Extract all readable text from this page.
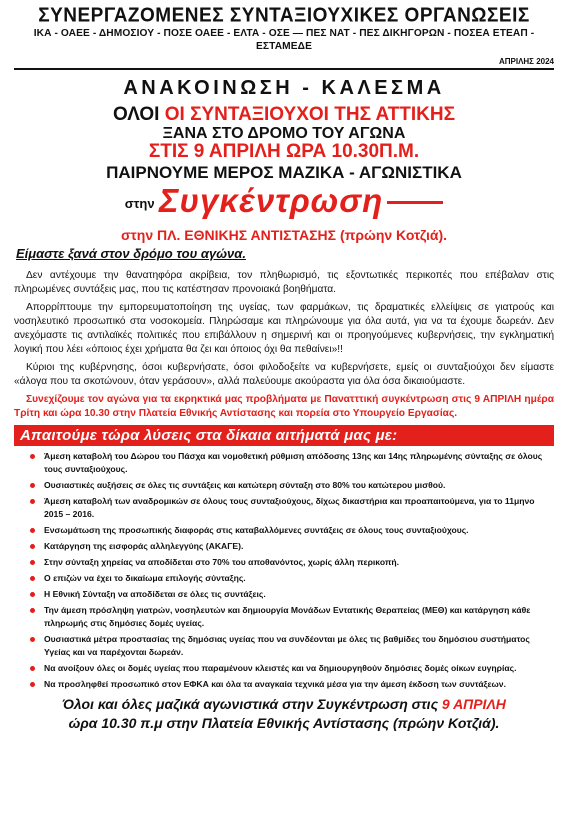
ΣΥΝΕΡΓΑΖΟΜΕΝΕΣ ΣΥΝΤΑΞΙΟΥΧΙΚΕΣ ΟΡΓΑΝΩΣΕΙΣ
ΙΚΑ - ΟΑΕΕ - ΔΗΜΟΣΙΟΥ - ΠΟΣΕ ΟΑΕΕ - ΕΛΤΑ - ΟΣΕ — ΠΕΣ ΝΑΤ - ΠΕΣ ΔΙΚΗΓΟΡΩΝ - ΠΟΣΕΑ ΕΤΕΑΠ - ΕΣΤΑΜΕΔΕ
ΑΠΡΙΛΗΣ 2024
ΑΝΑΚΟΙΝΩΣΗ - ΚΑΛΕΣΜΑ
ΟΛΟΙ ΟΙ ΣΥΝΤΑΞΙΟΥΧΟΙ ΤΗΣ ΑΤΤΙΚΗΣ
ΞΑΝΑ ΣΤΟ ΔΡΟΜΟ ΤΟΥ ΑΓΩΝΑ
ΣΤΙΣ 9 ΑΠΡΙΛΗ ΩΡΑ 10.30Π.Μ.
ΠΑΙΡΝΟΥΜΕ ΜΕΡΟΣ ΜΑΖΙΚΑ - ΑΓΩΝΙΣΤΙΚΑ
$^{\sigma\tau\eta\nu}$ Συγκέντρωση
στην ΠΛ. ΕΘΝΙΚΗΣ ΑΝΤΙΣΤΑΣΗΣ (πρώην Κοτζιά).
Είμαστε ξανά στον δρόμο του αγώνα.

Δεν αντέχουμε την θανατηφόρα ακρίβεια, τον πληθωρισμό, τις εξοντωτικές περικοπές που επέβαλαν στις πληρωμένες συντάξεις μας, που τις κατέστησαν προνοιακά βοηθήματα.

Απορρίπτουμε την εμπορευματοποίηση της υγείας, των φαρμάκων, τις δραματικές ελλείψεις σε γιατρούς και νοσηλευτικό προσωπικό στα νοσοκομεία. Πληρώσαμε και πληρώνουμε για όλα αυτά, για να τα έχουμε δωρεάν. Δεν ανεχόμαστε τις αντιλαϊκές πολιτικές που επιβάλλουν η σημερινή και οι προηγούμενες κυβερνήσεις, την εγκληματική λογική που λέει «όποιος έχει χρήματα θα ζει και όποιος όχι θα πεθαίνει»!!

Κύριοι της κυβέρνησης, όσοι κυβερνήσατε, όσοι φιλοδοξείτε να κυβερνήσετε, εμείς οι συνταξιούχοι δεν είμαστε «άλογα που τα σκοτώνουν, όταν γεράσουν», αλλά παλεύουμε ακούραστα για όλα όσα δικαιούμαστε.

Συνεχίζουμε τον αγώνα για τα εκρηκτικά μας προβλήματα με Πανατττική συγκέντρωση στις 9 ΑΠΡΙΛΗ ημέρα Τρίτη και ώρα 10.30 στην Πλατεία Εθνικής Αντίστασης και πορεία στο Υπουργείο Εργασίας.

Απαιτούμε τώρα λύσεις στα δίκαια αιτήματά μας με:
Άμεση καταβολή του Δώρου του Πάσχα και νομοθετική ρύθμιση απόδοσης 13ης και 14ης πληρωμένης σύνταξης σε όλους τους συνταξιούχους.
Ουσιαστικές αυξήσεις σε όλες τις συντάξεις και κατώτερη σύνταξη στο 80% του κατώτερου μισθού.
Άμεση καταβολή των αναδρομικών σε όλους τους συνταξιούχους, δίχως δικαστήρια και προαπαιτούμενα, για το 11μηνο 2015 – 2016.
Ενσωμάτωση της προσωπικής διαφοράς στις καταβαλλόμενες συντάξεις σε όλους τους συνταξιούχους.
Κατάργηση της εισφοράς αλληλεγγύης (ΑΚΑΓΕ).
Στην σύνταξη χηρείας να αποδίδεται στο 70% του αποθανόντος, χωρίς άλλη περικοπή.
Ο επιζών να έχει το δικαίωμα επιλογής σύνταξης.
Η Εθνική Σύνταξη να αποδίδεται σε όλες τις συντάξεις.
Την άμεση πρόσληψη γιατρών, νοσηλευτών και δημιουργία Μονάδων Εντατικής Θεραπείας (ΜΕΘ) και κατάργηση κάθε πληρωμής στις δημόσιες δομές υγείας.
Ουσιαστικά μέτρα προστασίας της δημόσιας υγείας που να συνδέονται με όλες τις βαθμίδες του δημόσιου συστήματος Υγείας και να παρέχονται δωρεάν.
Να ανοίξουν όλες οι δομές υγείας που παραμένουν κλειστές και να δημιουργηθούν δημόσιες δομές οίκων ευγηρίας.
Να προσληφθεί προσωπικό στον ΕΦΚΑ και όλα τα αναγκαία τεχνικά μέσα για την άμεση έκδοση των συντάξεων.
Όλοι και όλες μαζικά αγωνιστικά στην Συγκέντρωση στις 9 ΑΠΡΙΛΗ
ώρα 10.30 π.μ στην Πλατεία Εθνικής Αντίστασης (πρώην Κοτζιά).
